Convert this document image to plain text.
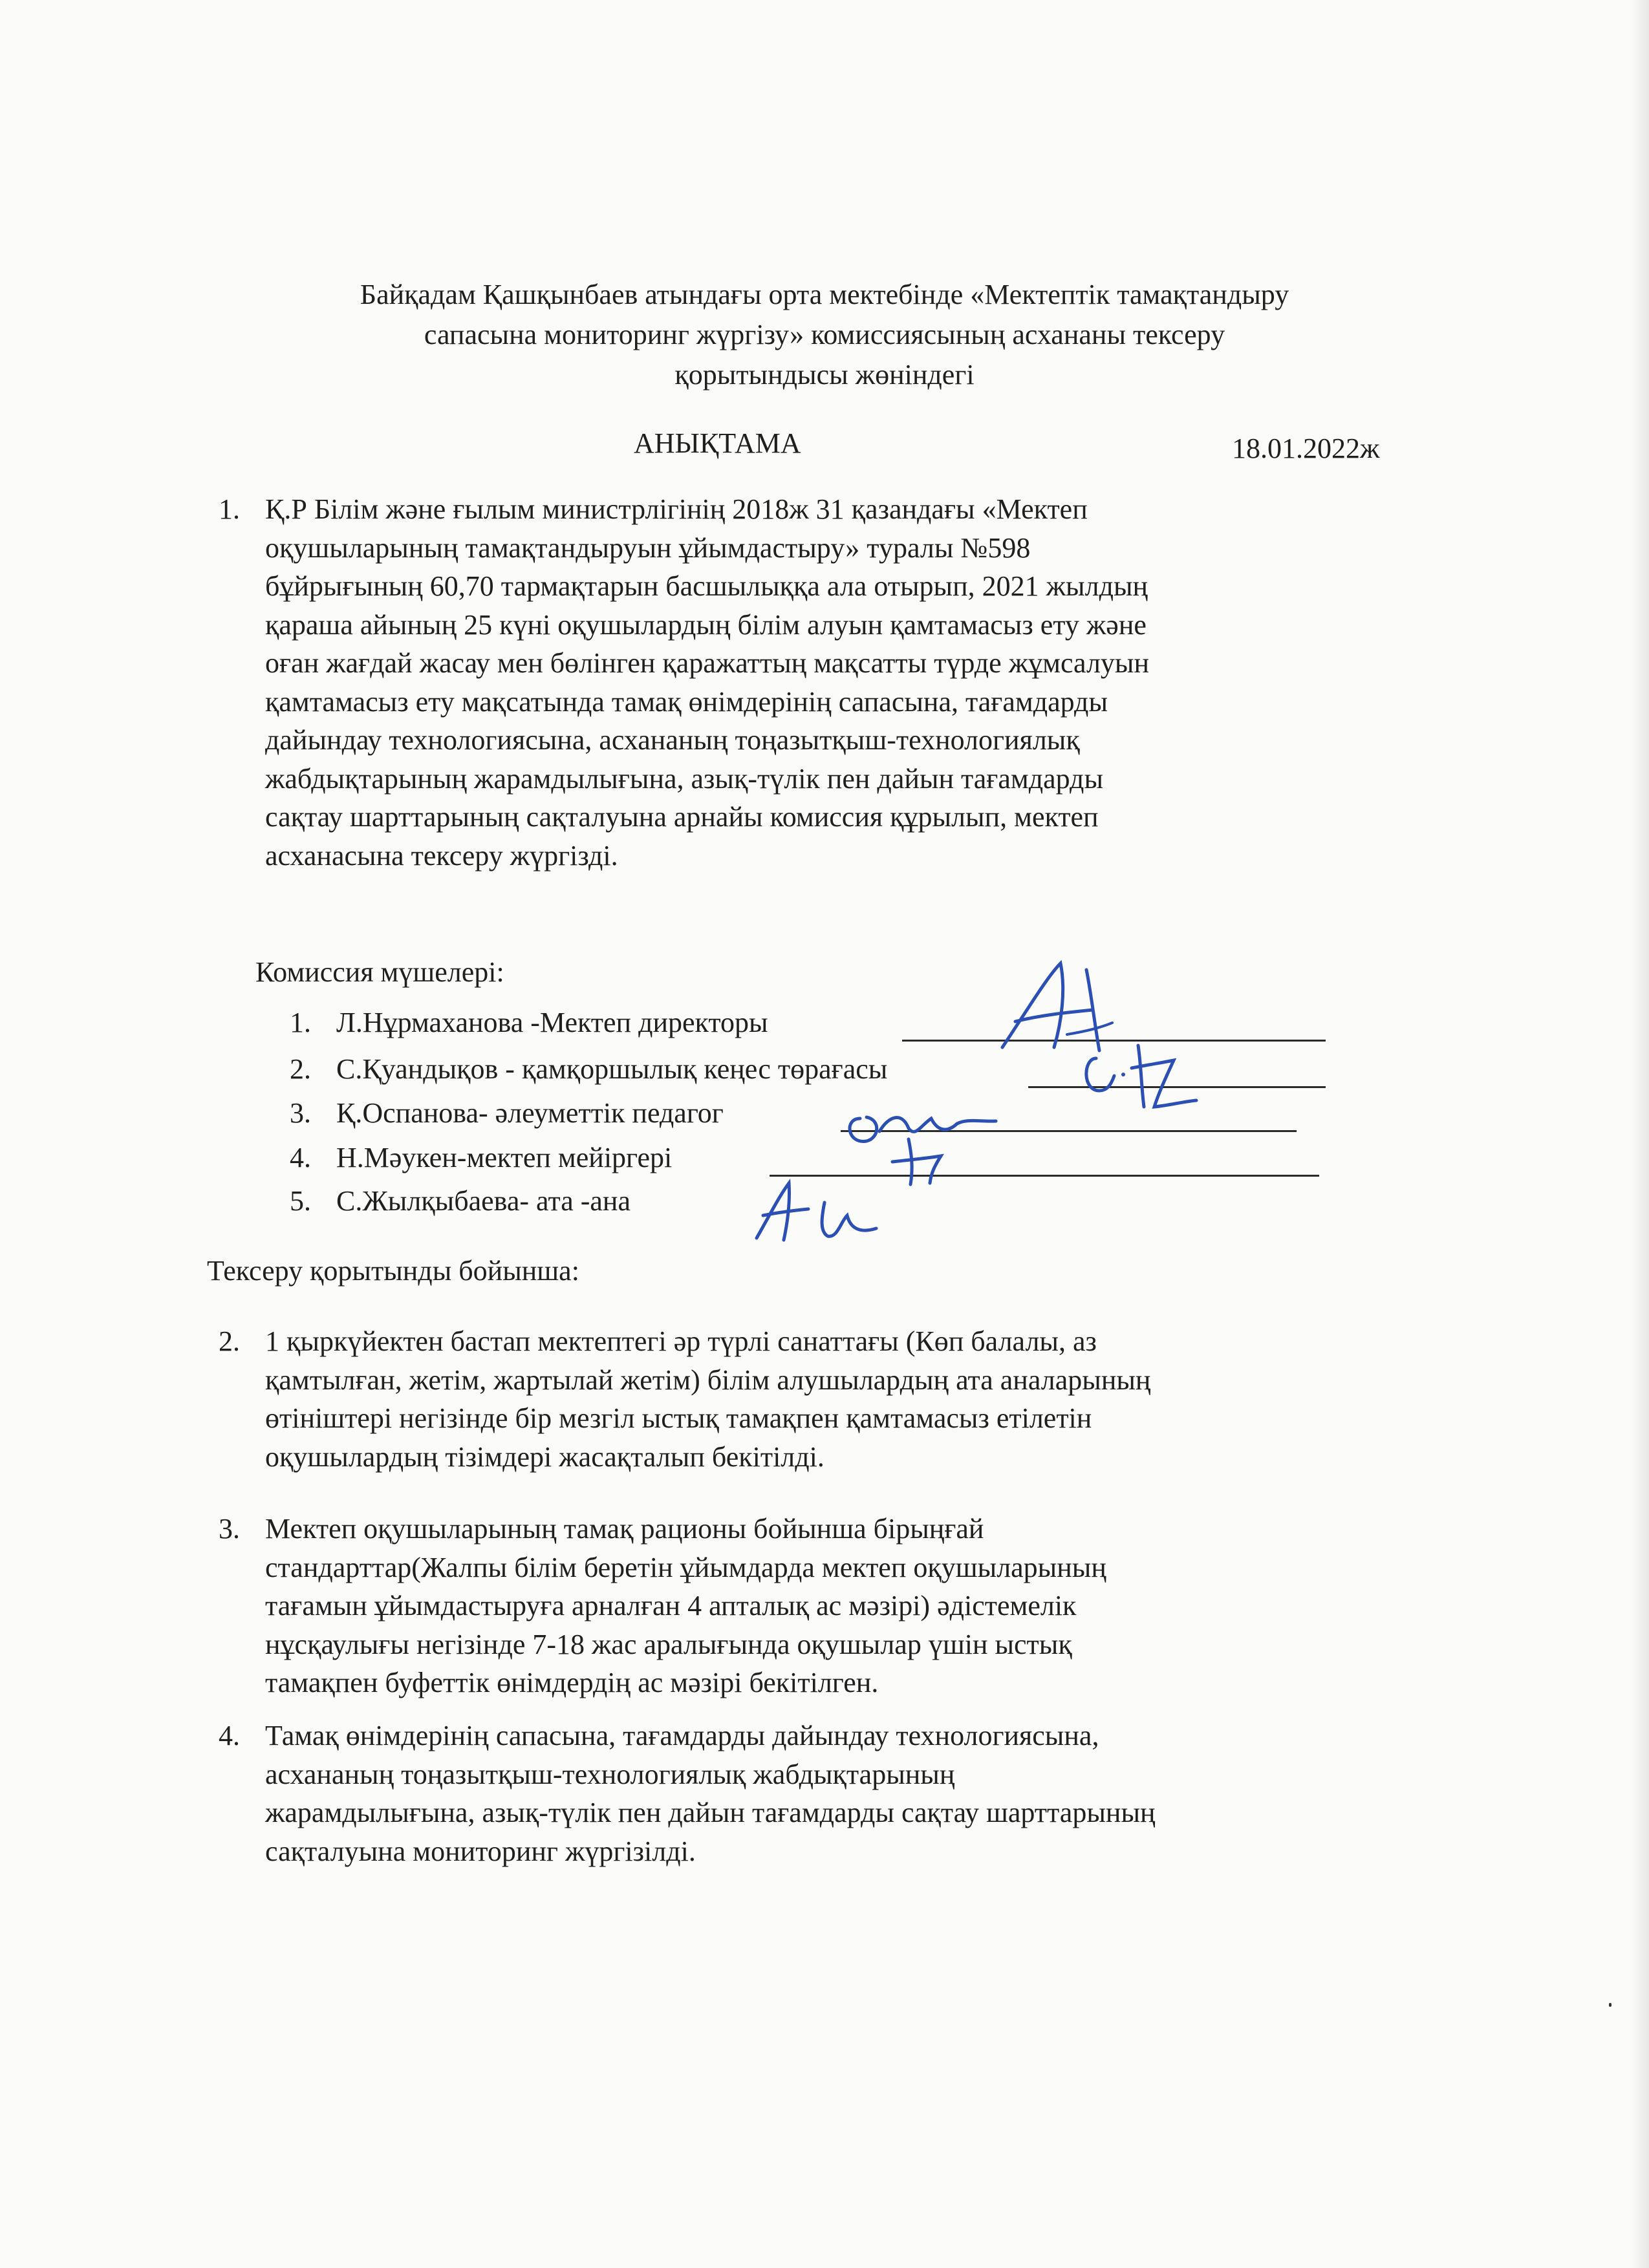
Байқадам Қашқынбаев атындағы орта мектебінде «Мектептік тамақтандыру
сапасына мониторинг жүргізу» комиссиясының асхананы тексеру
қорытындысы жөніндегі
АНЫҚТАМА	18.01.2022ж
1. Қ.Р Білім және ғылым министрлігінің 2018ж 31 қазандағы «Мектеп
оқушыларының тамақтандыруын ұйымдастыру» туралы №598
бұйрығының 60,70 тармақтарын басшылыққа ала отырып, 2021 жылдың
қараша айының 25 күні оқушылардың білім алуын қамтамасыз ету және
оған жағдай жасау мен бөлінген қаражаттың мақсатты түрде жұмсалуын
қамтамасыз ету мақсатында тамақ өнімдерінің сапасына, тағамдарды
дайындау технологиясына, асхананың тоңазытқыш-технологиялық
жабдықтарының жарамдылығына, азық-түлік пен дайын тағамдарды
сақтау шарттарының сақталуына арнайы комиссия құрылып, мектеп
асханасына тексеру жүргізді.
Комиссия мүшелері:
1. Л.Нұрмаханова -Мектеп директоры
2. С.Қуандықов - қамқоршылық кеңес төрағасы
3. Қ.Оспанова- әлеуметтік педагог
4. Н.Мәукен-мектеп мейіргері
5. С.Жылқыбаева- ата -ана
Тексеру қорытынды бойынша:
2. 1 қыркүйектен бастап мектептегі әр түрлі санаттағы (Көп балалы, аз
қамтылған, жетім, жартылай жетім) білім алушылардың ата аналарының
өтініштері негізінде бір мезгіл ыстық тамақпен қамтамасыз етілетін
оқушылардың тізімдері жасақталып бекітілді.
3. Мектеп оқушыларының тамақ рационы бойынша бірыңғай
стандарттар(Жалпы білім беретін ұйымдарда мектеп оқушыларының
тағамын ұйымдастыруға арналған 4 апталық ас мәзірі) әдістемелік
нұсқаулығы негізінде 7-18 жас аралығында оқушылар үшін ыстық
тамақпен буфеттік өнімдердің ас мәзірі бекітілген.
4. Тамақ өнімдерінің сапасына, тағамдарды дайындау технологиясына,
асхананың тоңазытқыш-технологиялық жабдықтарының
жарамдылығына, азық-түлік пен дайын тағамдарды сақтау шарттарының
сақталуына мониторинг жүргізілді.
